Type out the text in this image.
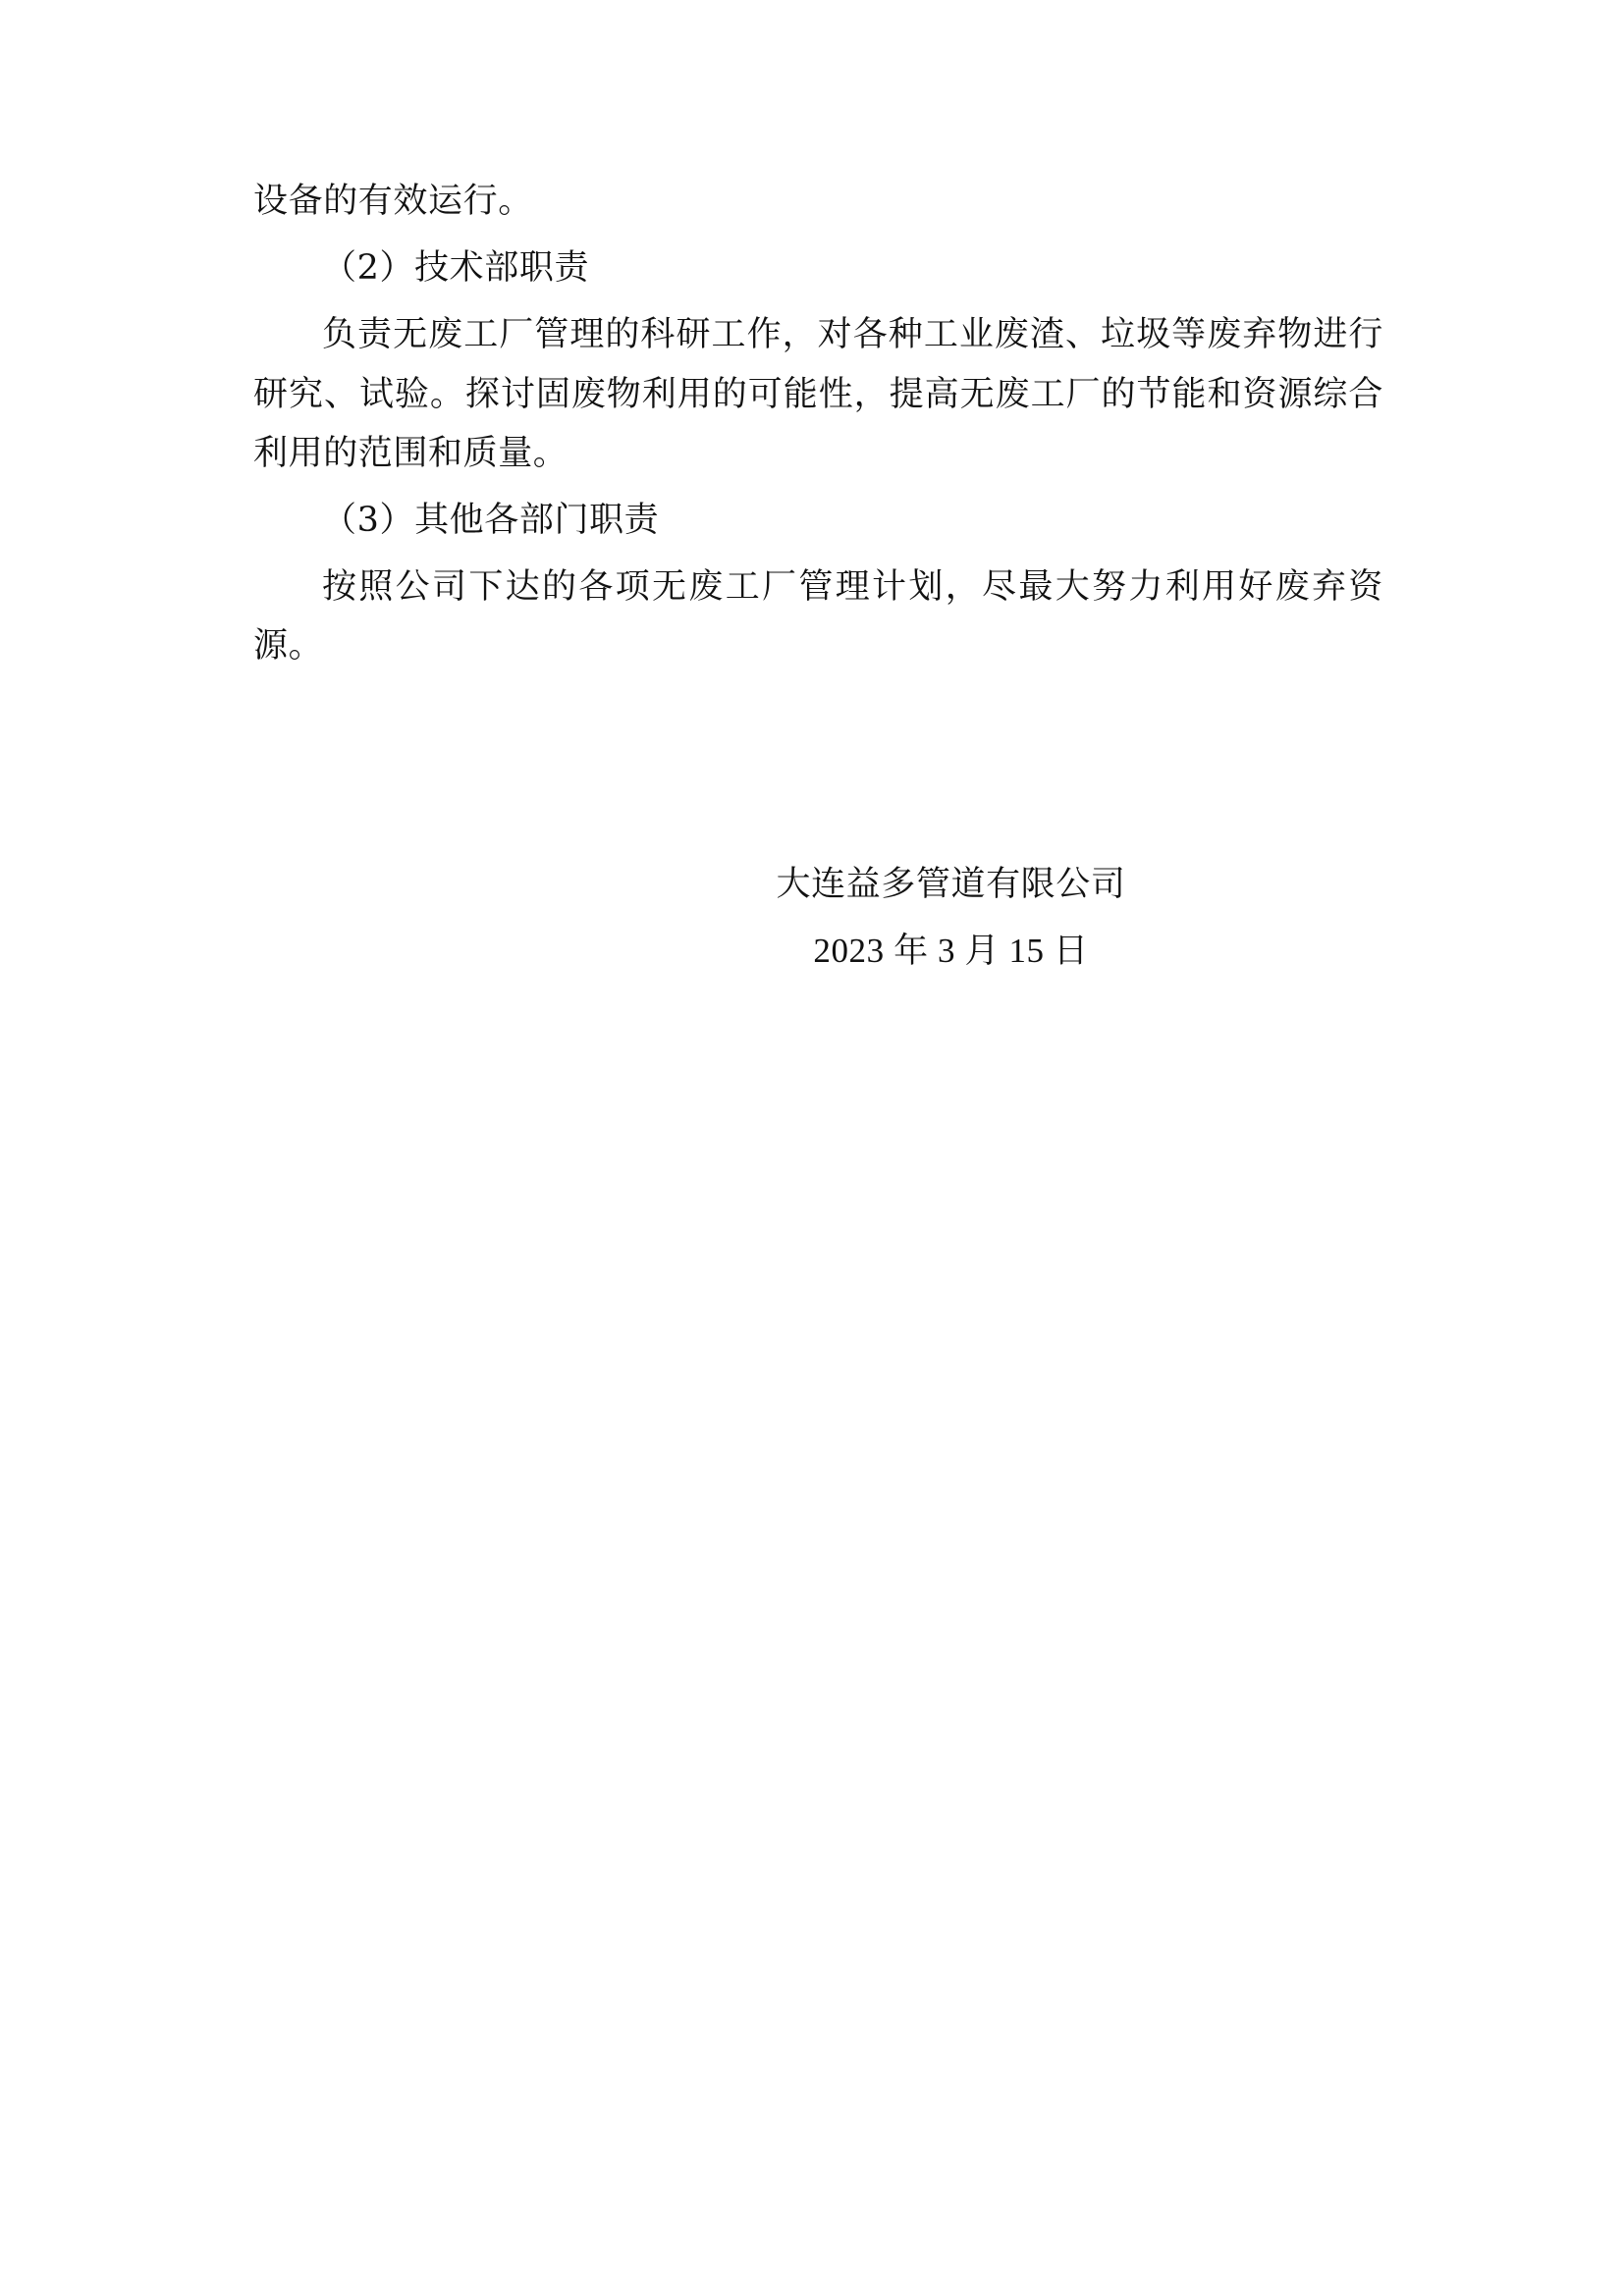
设备的有效运行。

（2）技术部职责

负责无废工厂管理的科研工作，对各种工业废渣、垃圾等废弃物进行研究、试验。探讨固废物利用的可能性，提高无废工厂的节能和资源综合利用的范围和质量。

（3）其他各部门职责

按照公司下达的各项无废工厂管理计划，尽最大努力利用好废弃资源。

大连益多管道有限公司
2023 年 3 月 15 日
